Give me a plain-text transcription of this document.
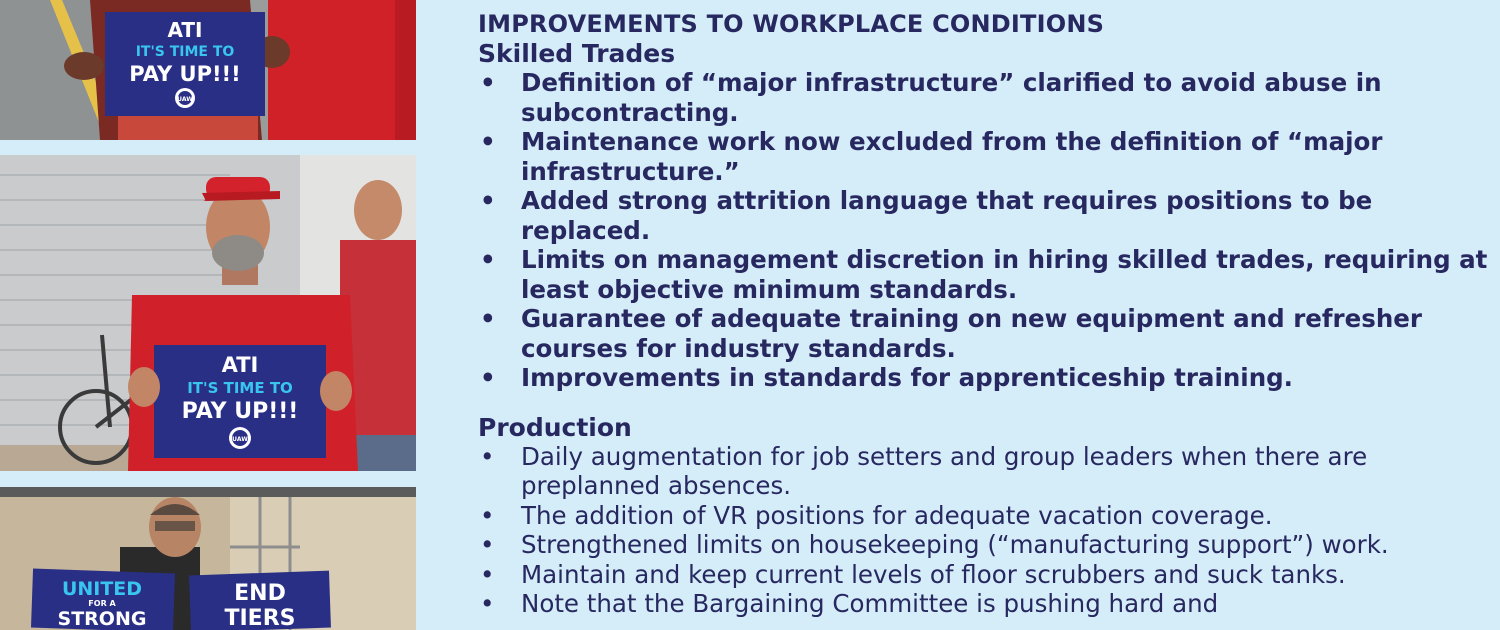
ATI
IT'S TIME TO
PAY UP!!!
UAW
ATI
IT'S TIME TO
PAY UP!!!
UAW
UNITED
FOR A
STRONG
END
TIERS
IMPROVEMENTS TO WORKPLACE CONDITIONS
Skilled Trades
• Definition of “major infrastructure” clarified to avoid abuse in subcontracting.
• Maintenance work now excluded from the definition of “major infrastructure.”
• Added strong attrition language that requires positions to be replaced.
• Limits on management discretion in hiring skilled trades, requiring at least objective minimum standards.
• Guarantee of adequate training on new equipment and refresher courses for industry standards.
• Improvements in standards for apprenticeship training.
Production
• Daily augmentation for job setters and group leaders when there are preplanned absences.
• The addition of VR positions for adequate vacation coverage.
• Strengthened limits on housekeeping (“manufacturing support”) work.
• Maintain and keep current levels of floor scrubbers and suck tanks.
• Note that the Bargaining Committee is pushing hard and
